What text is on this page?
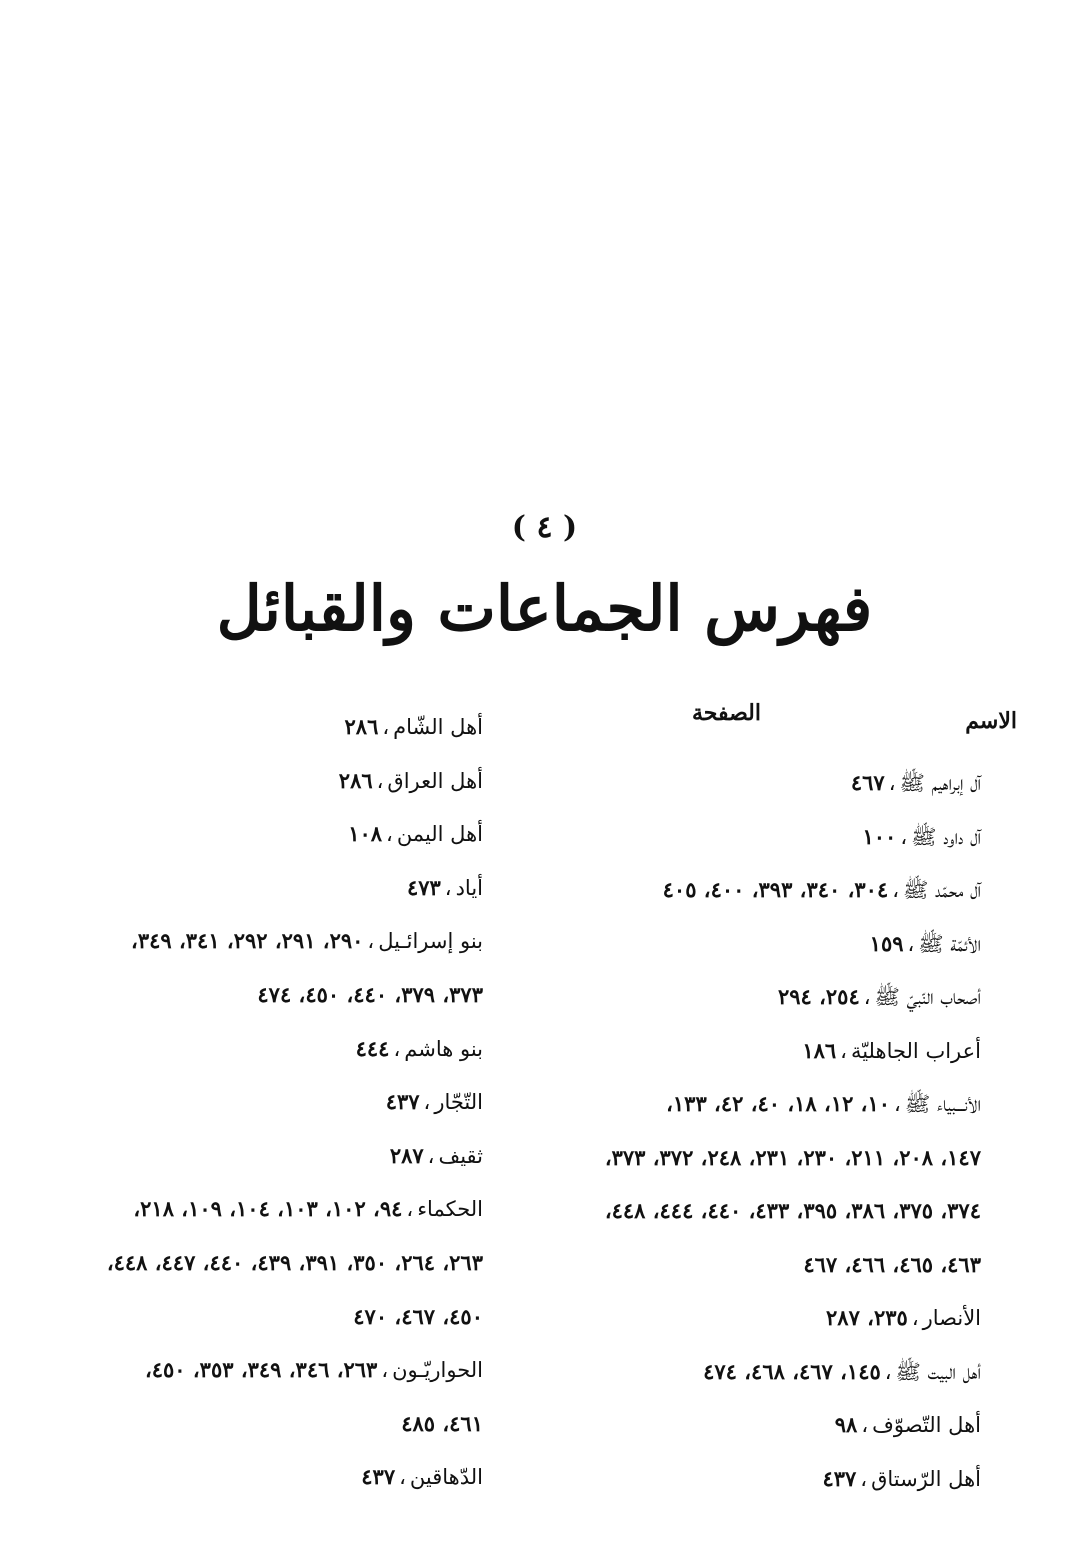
( ٤ )
فهرس الجماعات والقبائل
الاسم
الصفحة
آل إبراهيم ﷺ،٤٦٧
آل داود ﷺ،١٠٠
آل محمّد ﷺ،٣٠٤، ٣٤٠، ٣٩٣، ٤٠٠، ٤٠٥
الأئمّة ﷺ،١٥٩
أصحاب النّبيّ ﷺ،٢٥٤، ٢٩٤
أعراب الجاهليّة،١٨٦
الأنـــبياء ﷺ،١٠، ١٢، ١٨، ٤٠، ٤٢، ١٣٣،
١٤٧، ٢٠٨، ٢١١، ٢٣٠، ٢٣١، ٢٤٨، ٣٧٢، ٣٧٣،
٣٧٤، ٣٧٥، ٣٨٦، ٣٩٥، ٤٣٣، ٤٤٠، ٤٤٤، ٤٤٨،
٤٦٣، ٤٦٥، ٤٦٦، ٤٦٧
الأنصار،٢٣٥، ٢٨٧
أهل البيت ﷺ،١٤٥، ٤٦٧، ٤٦٨، ٤٧٤
أهل التّصوّف،٩٨
أهل الرّستاق،٤٣٧
أهل الشّام،٢٨٦
أهل العراق،٢٨٦
أهل اليمن،١٠٨
أياد،٤٧٣
بنو إسرائـيل،٢٩٠، ٢٩١، ٢٩٢، ٣٤١، ٣٤٩،
٣٧٣، ٣٧٩، ٤٤٠، ٤٥٠، ٤٧٤
بنو هاشم،٤٤٤
التّجّار،٤٣٧
ثقيف،٢٨٧
الحكماء،٩٤، ١٠٢، ١٠٣، ١٠٤، ١٠٩، ٢١٨،
٢٦٣، ٢٦٤، ٣٥٠، ٣٩١، ٤٣٩، ٤٤٠، ٤٤٧، ٤٤٨،
٤٥٠، ٤٦٧، ٤٧٠
الحواريّـون،٢٦٣، ٣٤٦، ٣٤٩، ٣٥٣، ٤٥٠،
٤٦١، ٤٨٥
الدّهاقين،٤٣٧
